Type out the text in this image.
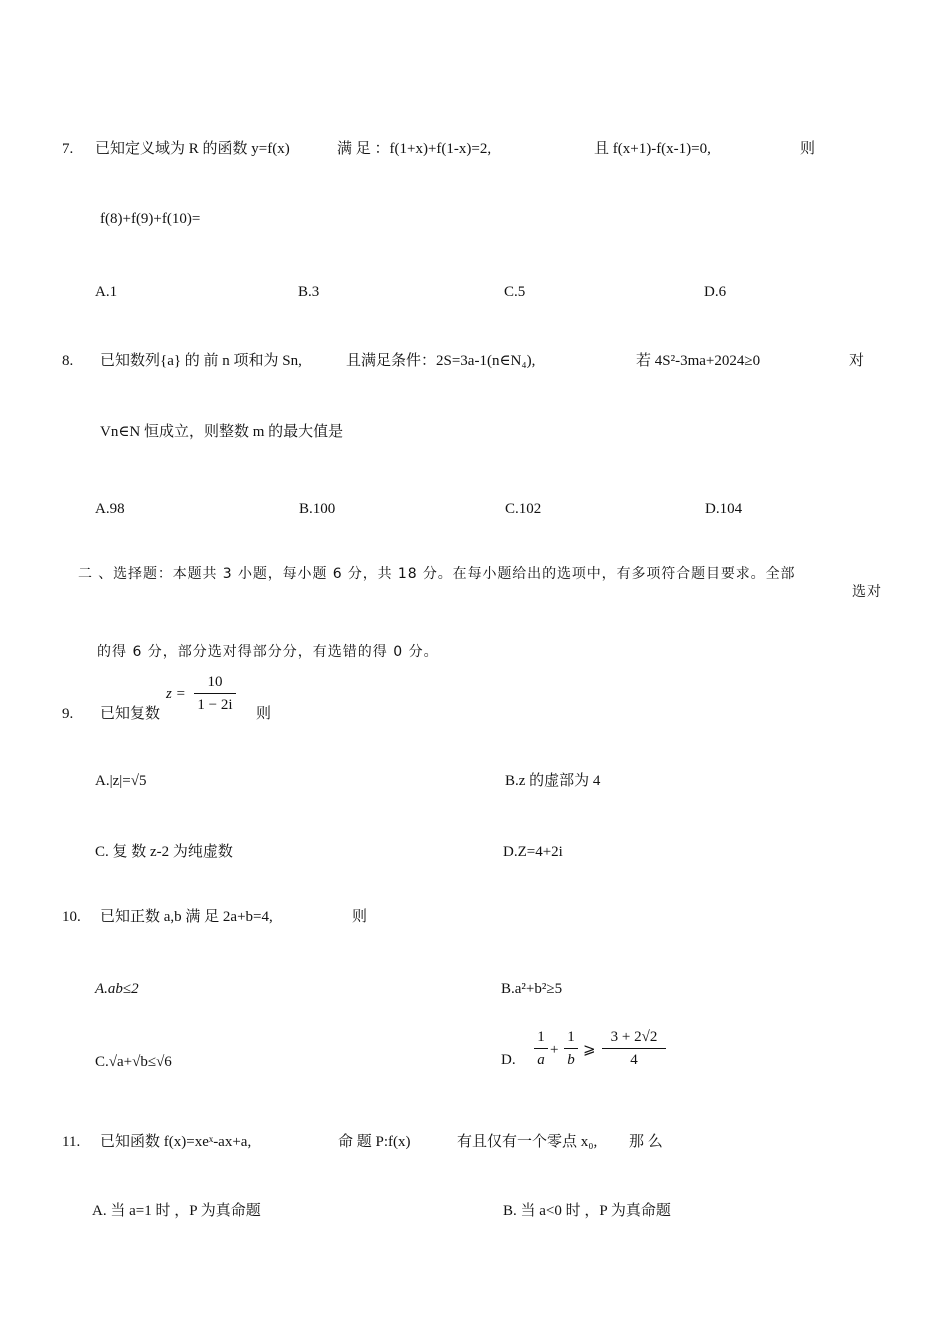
7. 已知定义域为 R 的函数 y=f(x)	满 足 ：f(1+x)+f(1-x)=2,	且 f(x+1)-f(x-1)=0,	则
f(8)+f(9)+f(10)=
A.1	B.3	C.5	D.6
8. 已知数列{a} 的 前 n 项和为 Sn,	且满足条件：2S=3a-1(n∈N₄),	若 4S²-3ma+2024≥0	对
Vn∈N 恒成立，则整数 m 的最大值是
A.98	B.100	C.102	D.104
二 、选择题：本题共 3 小题，每小题 6 分，共 18 分。在每小题给出的选项中，有多项符合题目要求。全部
选对
的得 6 分，部分选对得部分分，有选错的得 0 分。
9. 已知复数
z =
10
1 − 2i
则
A.|z|=√5	B.z 的虚部为 4
C. 复 数 z-2 为纯虚数	D.Z=4+2i
10. 已知正数 a,b 满 足 2a+b=4,	则
A.ab≤2	B.a²+b²≥5
C.√a+√b≤√6	D.
1
a
+
1
b
⩾
3 + 2√2
4
11. 已知函数 f(x)=xeˣ-ax+a,	命 题 P:f(x)	有且仅有一个零点 x₀, 那 么
A. 当 a=1 时 ，P 为真命题	B. 当 a<0 时 ，P 为真命题
